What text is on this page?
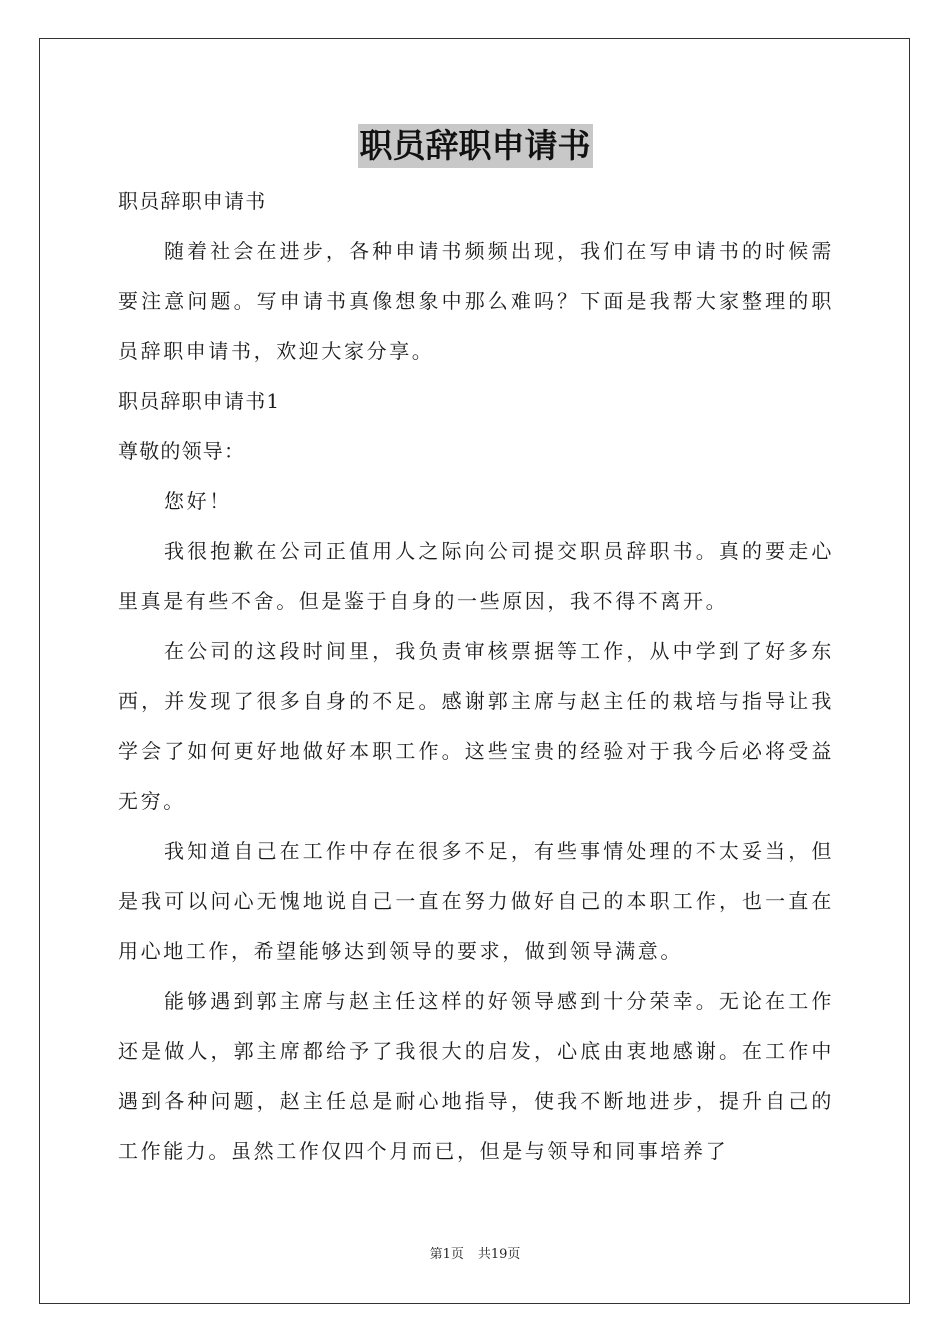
职员辞职申请书

职员辞职申请书

随着社会在进步，各种申请书频频出现，我们在写申请书的时候需要注意问题。写申请书真像想象中那么难吗？下面是我帮大家整理的职员辞职申请书，欢迎大家分享。

职员辞职申请书1

尊敬的领导：

您好！

我很抱歉在公司正值用人之际向公司提交职员辞职书。真的要走心里真是有些不舍。但是鉴于自身的一些原因，我不得不离开。

在公司的这段时间里，我负责审核票据等工作，从中学到了好多东西，并发现了很多自身的不足。感谢郭主席与赵主任的栽培与指导让我学会了如何更好地做好本职工作。这些宝贵的经验对于我今后必将受益无穷。

我知道自己在工作中存在很多不足，有些事情处理的不太妥当，但是我可以问心无愧地说自己一直在努力做好自己的本职工作，也一直在用心地工作，希望能够达到领导的要求，做到领导满意。

能够遇到郭主席与赵主任这样的好领导感到十分荣幸。无论在工作还是做人，郭主席都给予了我很大的启发，心底由衷地感谢。在工作中遇到各种问题，赵主任总是耐心地指导，使我不断地进步，提升自己的工作能力。虽然工作仅四个月而已，但是与领导和同事培养了

第1页 共19页
